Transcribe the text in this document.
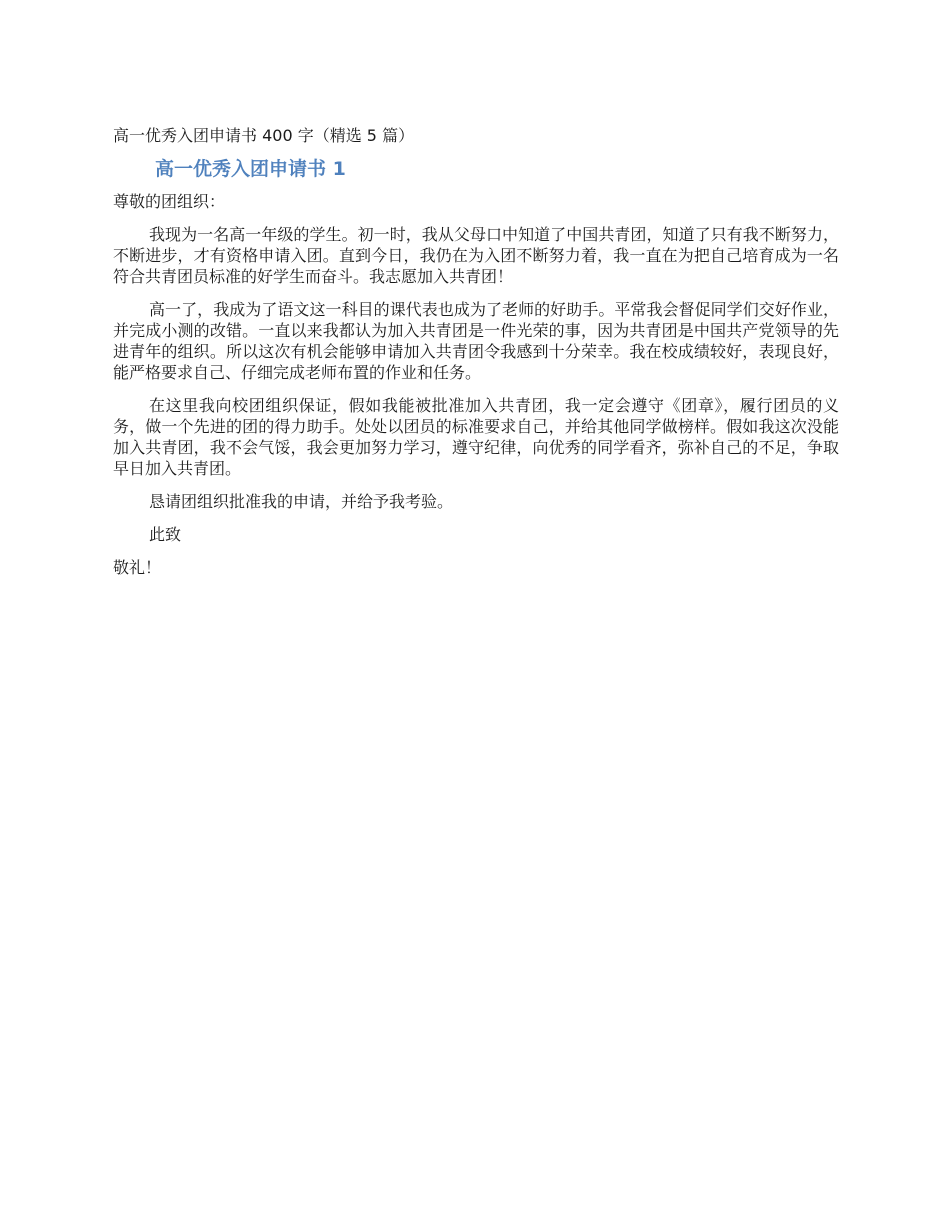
高一优秀入团申请书 400 字（精选 5 篇）
高一优秀入团申请书 1
尊敬的团组织：
我现为一名高一年级的学生。初一时，我从父母口中知道了中国共青团，知道了只有我不断努力，不断进步，才有资格申请入团。直到今日，我仍在为入团不断努力着，我一直在为把自己培育成为一名符合共青团员标准的好学生而奋斗。我志愿加入共青团！
高一了，我成为了语文这一科目的课代表也成为了老师的好助手。平常我会督促同学们交好作业，并完成小测的改错。一直以来我都认为加入共青团是一件光荣的事，因为共青团是中国共产党领导的先进青年的组织。所以这次有机会能够申请加入共青团令我感到十分荣幸。我在校成绩较好，表现良好，能严格要求自己、仔细完成老师布置的作业和任务。
在这里我向校团组织保证，假如我能被批准加入共青团，我一定会遵守《团章》，履行团员的义务，做一个先进的团的得力助手。处处以团员的标准要求自己，并给其他同学做榜样。假如我这次没能加入共青团，我不会气馁，我会更加努力学习，遵守纪律，向优秀的同学看齐，弥补自己的不足，争取早日加入共青团。
恳请团组织批准我的申请，并给予我考验。
此致
敬礼！
